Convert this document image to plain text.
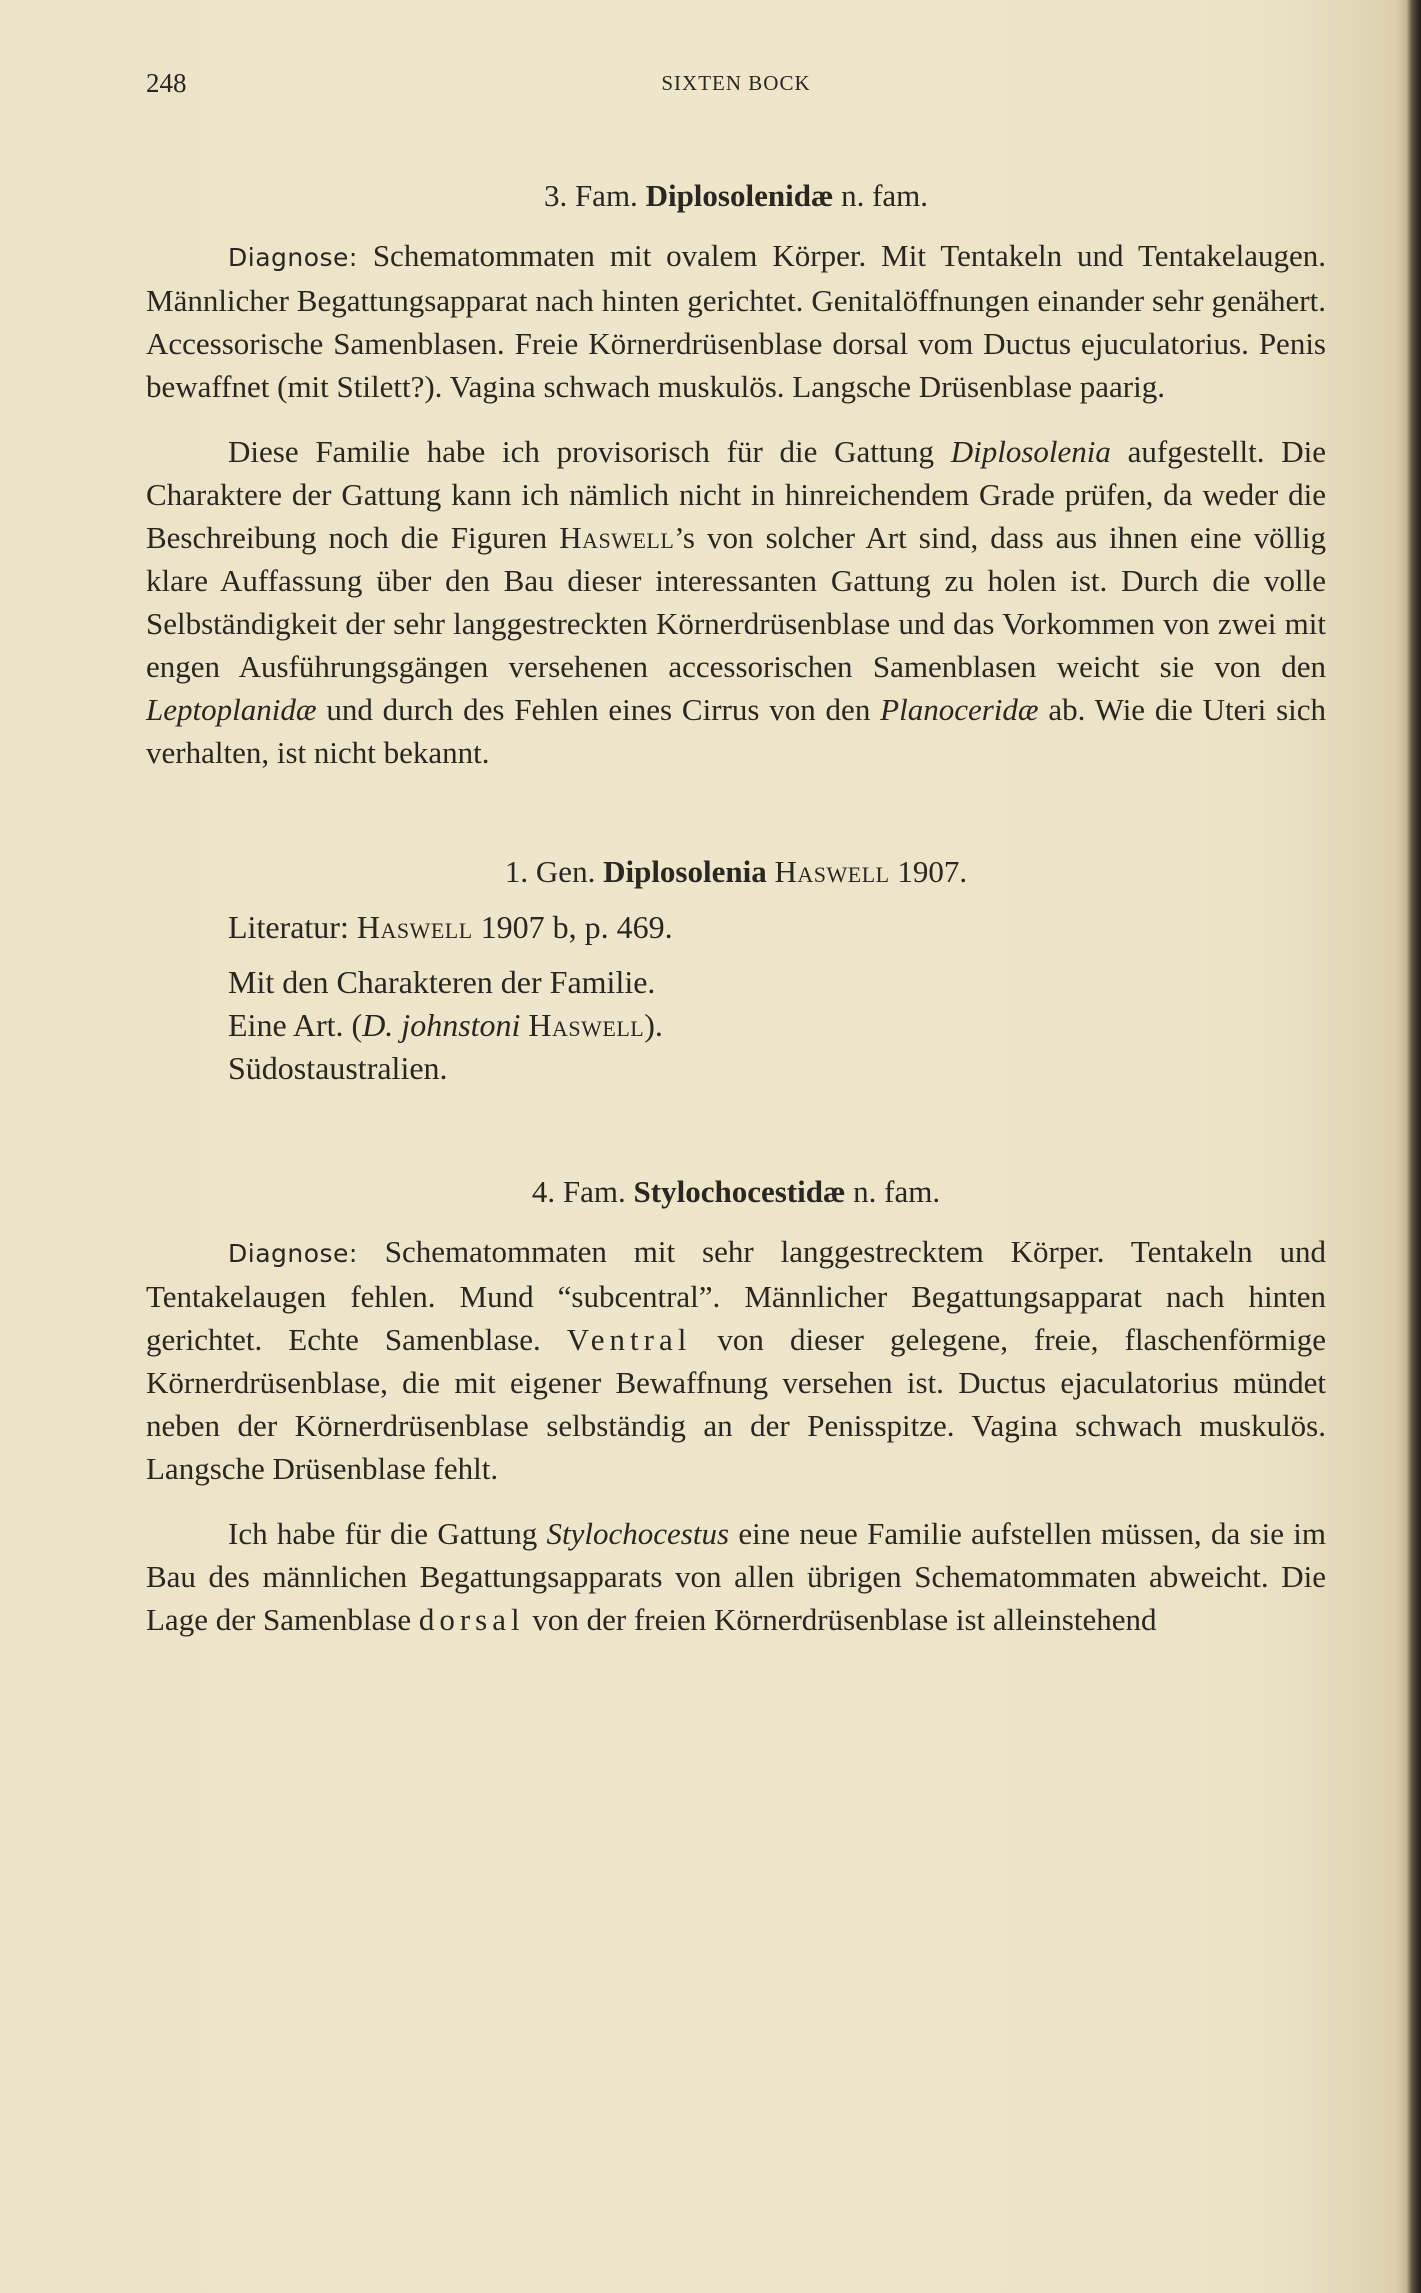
248	SIXTEN BOCK
3. Fam. Diplosolenidæ n. fam.

Diagnose: Schematommaten mit ovalem Körper. Mit Tentakeln und Tentakelaugen. Männlicher Begattungsapparat nach hinten gerichtet. Genitalöffnungen einander sehr genähert. Accessorische Samenblasen. Freie Körnerdrüsenblase dorsal vom Ductus ejuculatorius. Penis bewaffnet (mit Stilett?). Vagina schwach muskulös. Langsche Drüsenblase paarig.

Diese Familie habe ich provisorisch für die Gattung Diplosolenia aufgestellt. Die Charaktere der Gattung kann ich nämlich nicht in hinreichendem Grade prüfen, da weder die Beschreibung noch die Figuren Haswell’s von solcher Art sind, dass aus ihnen eine völlig klare Auffassung über den Bau dieser interessanten Gattung zu holen ist. Durch die volle Selbständigkeit der sehr langgestreckten Körnerdrüsenblase und das Vorkommen von zwei mit engen Ausführungsgängen versehenen accessorischen Samenblasen weicht sie von den Leptoplanidæ und durch des Fehlen eines Cirrus von den Planoceridæ ab. Wie die Uteri sich verhalten, ist nicht bekannt.

1. Gen. Diplosolenia Haswell 1907.

Literatur: Haswell 1907 b, p. 469.

Mit den Charakteren der Familie.

Eine Art. (D. johnstoni Haswell).

Südostaustralien.

4. Fam. Stylochocestidæ n. fam.

Diagnose: Schematommaten mit sehr langgestrecktem Körper. Tentakeln und Tentakelaugen fehlen. Mund “subcentral”. Männlicher Begattungsapparat nach hinten gerichtet. Echte Samenblase. Ventral von dieser gelegene, freie, flaschenförmige Körnerdrüsenblase, die mit eigener Bewaffnung versehen ist. Ductus ejaculatorius mündet neben der Körnerdrüsenblase selbständig an der Penisspitze. Vagina schwach muskulös. Langsche Drüsenblase fehlt.

Ich habe für die Gattung Stylochocestus eine neue Familie aufstellen müssen, da sie im Bau des männlichen Begattungsapparats von allen übrigen Schematommaten abweicht. Die Lage der Samenblase dorsal von der freien Körnerdrüsenblase ist alleinstehend
